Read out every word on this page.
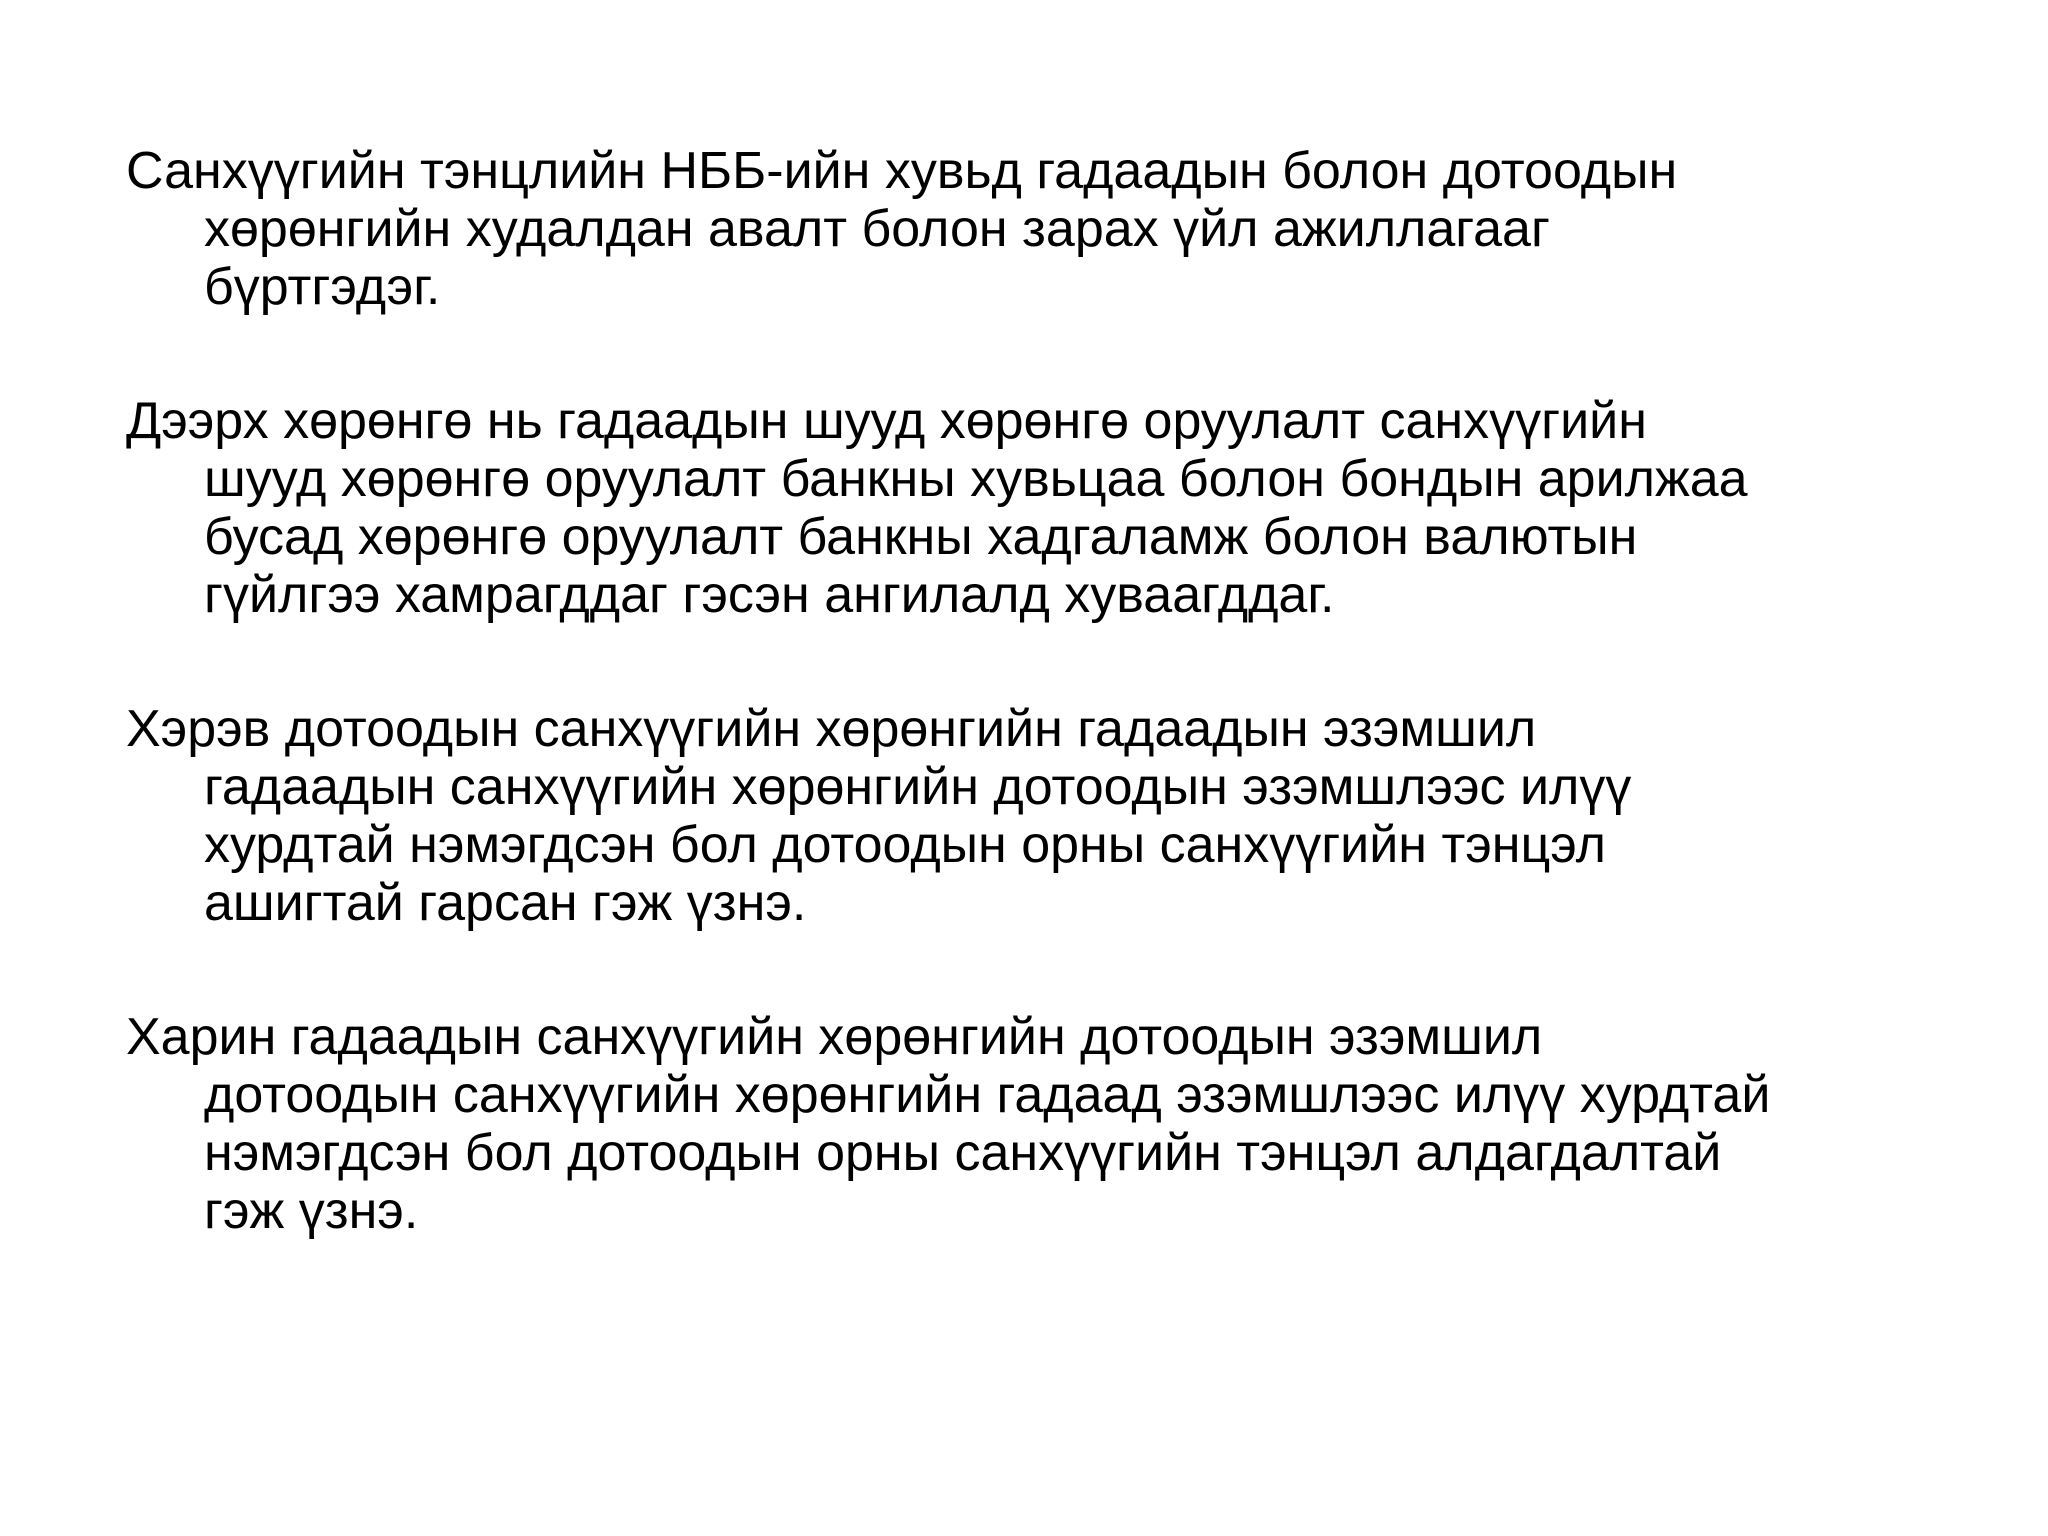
Санхүүгийн тэнцлийн НББ-ийн хувьд гадаадын болон дотоодын
хөрөнгийн худалдан авалт болон зарах үйл ажиллагааг
бүртгэдэг.

Дээрх хөрөнгө нь гадаадын шууд хөрөнгө оруулалт санхүүгийн
шууд хөрөнгө оруулалт банкны хувьцаа болон бондын арилжаа
бусад хөрөнгө оруулалт банкны хадгаламж болон валютын
гүйлгээ хамрагддаг гэсэн ангилалд хуваагддаг.

Хэрэв дотоодын санхүүгийн хөрөнгийн гадаадын эзэмшил
гадаадын санхүүгийн хөрөнгийн дотоодын эзэмшлээс илүү
хурдтай нэмэгдсэн бол дотоодын орны санхүүгийн тэнцэл
ашигтай гарсан гэж үзнэ.

Харин гадаадын санхүүгийн хөрөнгийн дотоодын эзэмшил
дотоодын санхүүгийн хөрөнгийн гадаад эзэмшлээс илүү хурдтай
нэмэгдсэн бол дотоодын орны санхүүгийн тэнцэл алдагдалтай
гэж үзнэ.
